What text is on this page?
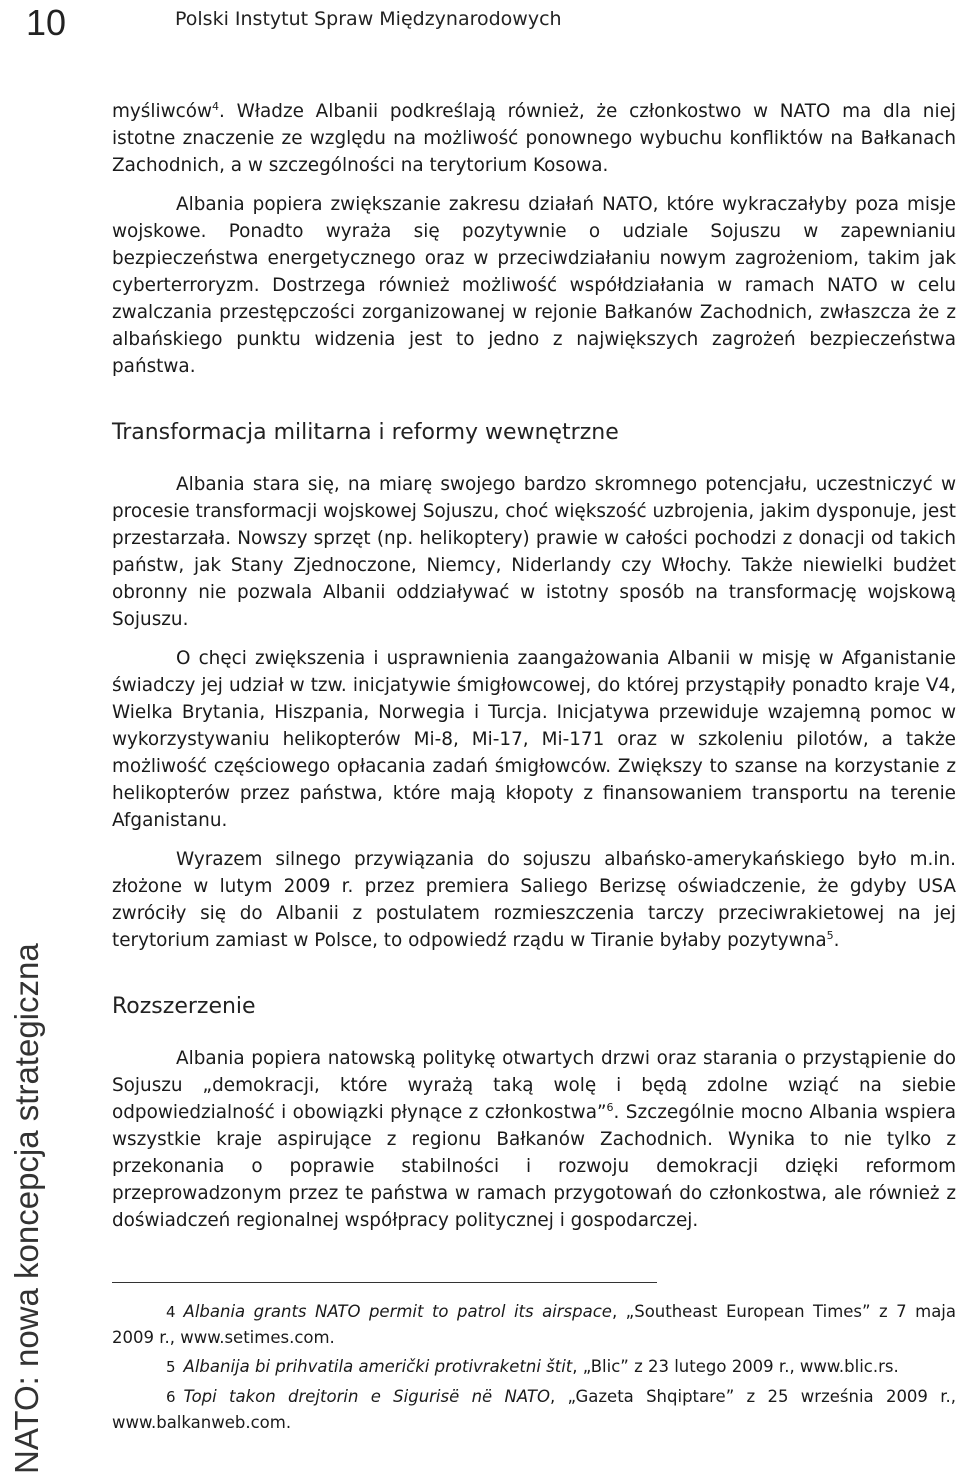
10	Polski Instytut Spraw Międzynarodowych
NATO: nowa koncepcja strategiczna

myśliwców$^4$. Władze Albanii podkreślają również, że członkostwo w NATO ma dla niej istotne znaczenie ze względu na możliwość ponownego wybuchu konfliktów na Bałkanach Zachodnich, a w szczególności na terytorium Kosowa.

Albania popiera zwiększanie zakresu działań NATO, które wykraczałyby poza misje wojskowe. Ponadto wyraża się pozytywnie o udziale Sojuszu w zapewnianiu bezpieczeństwa energetycznego oraz w przeciwdziałaniu nowym zagrożeniom, takim jak cyberterroryzm. Dostrzega również możliwość współdziałania w ramach NATO w celu zwalczania przestępczości zorganizowanej w rejonie Bałkanów Zachodnich, zwłaszcza że z albańskiego punktu widzenia jest to jedno z największych zagrożeń bezpieczeństwa państwa.

Transformacja militarna i reformy wewnętrzne

Albania stara się, na miarę swojego bardzo skromnego potencjału, uczestniczyć w procesie transformacji wojskowej Sojuszu, choć większość uzbrojenia, jakim dysponuje, jest przestarzała. Nowszy sprzęt (np. helikoptery) prawie w całości pochodzi z donacji od takich państw, jak Stany Zjednoczone, Niemcy, Niderlandy czy Włochy. Także niewielki budżet obronny nie pozwala Albanii oddziaływać w istotny sposób na transformację wojskową Sojuszu.

O chęci zwiększenia i usprawnienia zaangażowania Albanii w misję w Afganistanie świadczy jej udział w tzw. inicjatywie śmigłowcowej, do której przystąpiły ponadto kraje V4, Wielka Brytania, Hiszpania, Norwegia i Turcja. Inicjatywa przewiduje wzajemną pomoc w wykorzystywaniu helikopterów Mi-8, Mi-17, Mi-171 oraz w szkoleniu pilotów, a także możliwość częściowego opłacania zadań śmigłowców. Zwiększy to szanse na korzystanie z helikopterów przez państwa, które mają kłopoty z finansowaniem transportu na terenie Afganistanu.

Wyrazem silnego przywiązania do sojuszu albańsko-amerykańskiego było m.in. złożone w lutym 2009 r. przez premiera Saliego Berizsę oświadczenie, że gdyby USA zwróciły się do Albanii z postulatem rozmieszczenia tarczy przeciwrakietowej na jej terytorium zamiast w Polsce, to odpowiedź rządu w Tiranie byłaby pozytywna$^5$.

Rozszerzenie

Albania popiera natowską politykę otwartych drzwi oraz starania o przystąpienie do Sojuszu „demokracji, które wyrażą taką wolę i będą zdolne wziąć na siebie odpowiedzialność i obowiązki płynące z członkostwa”$^6$. Szczególnie mocno Albania wspiera wszystkie kraje aspirujące z regionu Bałkanów Zachodnich. Wynika to nie tylko z przekonania o poprawie stabilności i rozwoju demokracji dzięki reformom przeprowadzonym przez te państwa w ramach przygotowań do członkostwa, ale również z doświadczeń regionalnej współpracy politycznej i gospodarczej.

4 Albania grants NATO permit to patrol its airspace, „Southeast European Times” z 7 maja 2009 r., www.setimes.com.

5 Albanija bi prihvatila američki protivraketni štit, „Blic” z 23 lutego 2009 r., www.blic.rs.

6 Topi takon drejtorin e Sigurisë në NATO, „Gazeta Shqiptare” z 25 września 2009 r., www.balkanweb.com.
